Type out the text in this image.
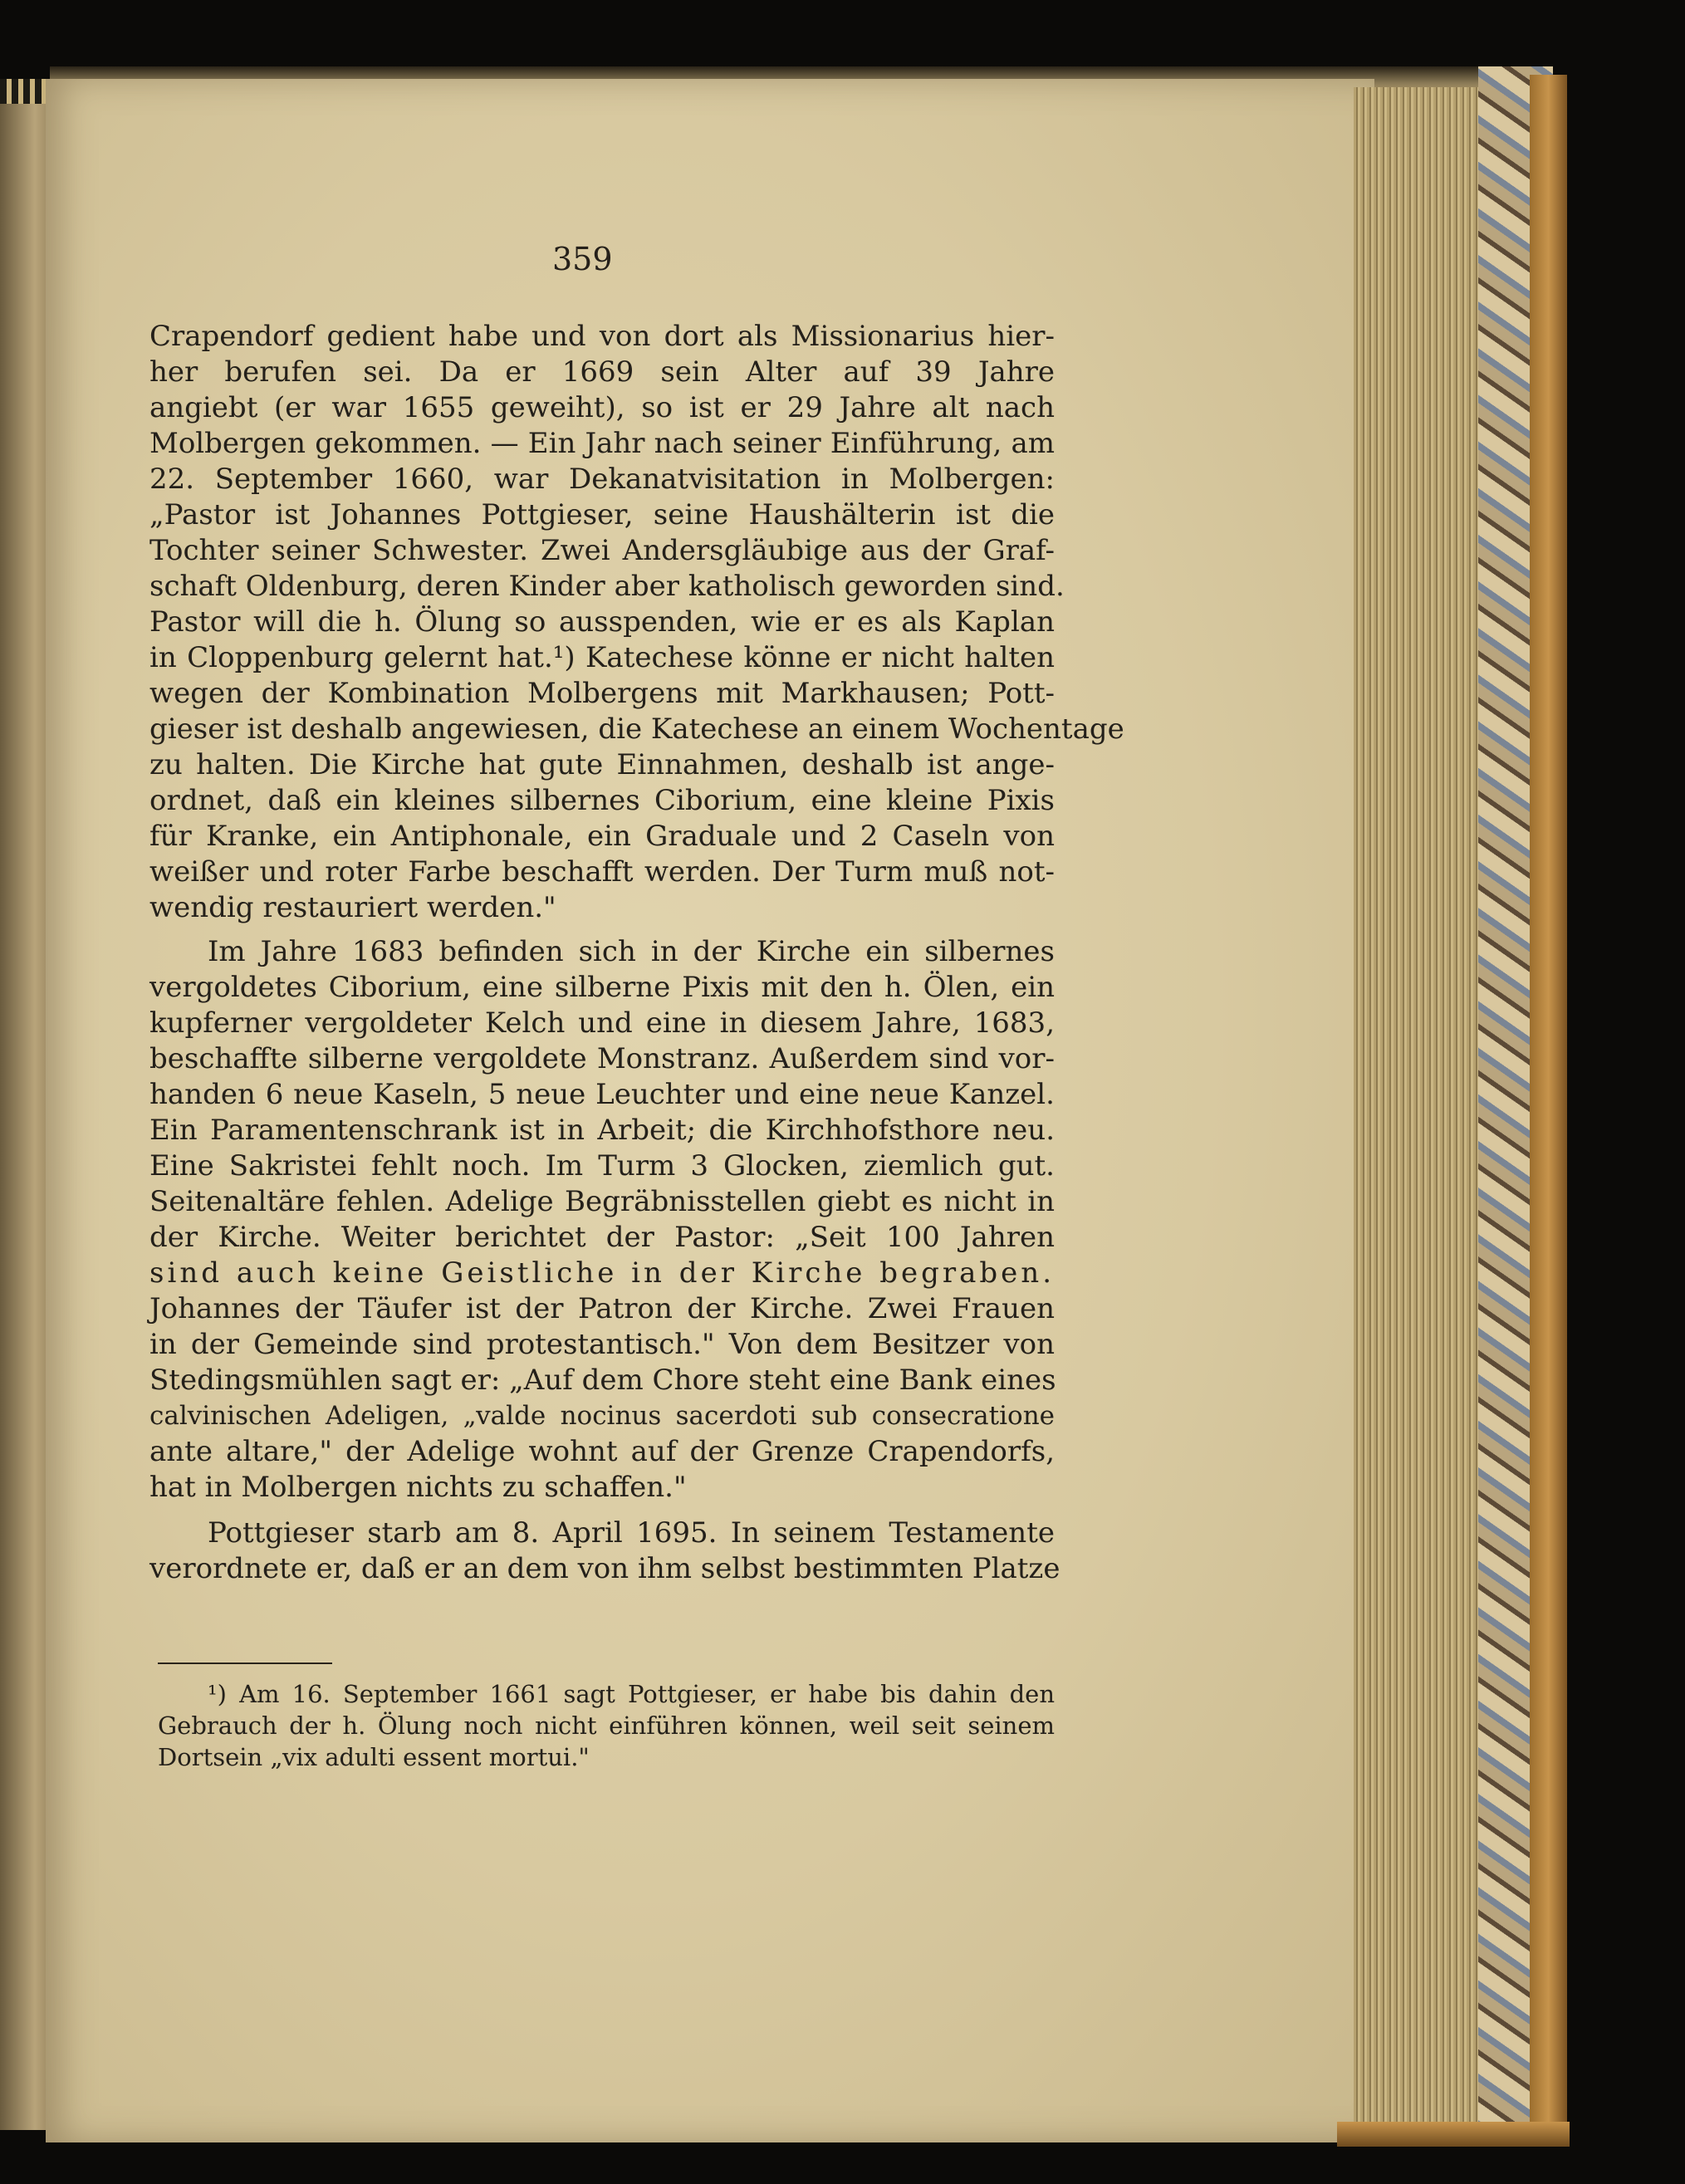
359
Crapendorf gedient habe und von dort als Missionarius hier-
her berufen sei. Da er 1669 sein Alter auf 39 Jahre
angiebt (er war 1655 geweiht), so ist er 29 Jahre alt nach
Molbergen gekommen. — Ein Jahr nach seiner Einführung, am
22. September 1660, war Dekanatvisitation in Molbergen:
„Pastor ist Johannes Pottgieser, seine Haushälterin ist die
Tochter seiner Schwester. Zwei Andersgläubige aus der Graf-
schaft Oldenburg, deren Kinder aber katholisch geworden sind.
Pastor will die h. Ölung so ausspenden, wie er es als Kaplan
in Cloppenburg gelernt hat.¹) Katechese könne er nicht halten
wegen der Kombination Molbergens mit Markhausen; Pott-
gieser ist deshalb angewiesen, die Katechese an einem Wochentage
zu halten. Die Kirche hat gute Einnahmen, deshalb ist ange-
ordnet, daß ein kleines silbernes Ciborium, eine kleine Pixis
für Kranke, ein Antiphonale, ein Graduale und 2 Caseln von
weißer und roter Farbe beschafft werden. Der Turm muß not-
wendig restauriert werden."
Im Jahre 1683 befinden sich in der Kirche ein silbernes
vergoldetes Ciborium, eine silberne Pixis mit den h. Ölen, ein
kupferner vergoldeter Kelch und eine in diesem Jahre, 1683,
beschaffte silberne vergoldete Monstranz. Außerdem sind vor-
handen 6 neue Kaseln, 5 neue Leuchter und eine neue Kanzel.
Ein Paramentenschrank ist in Arbeit; die Kirchhofsthore neu.
Eine Sakristei fehlt noch. Im Turm 3 Glocken, ziemlich gut.
Seitenaltäre fehlen. Adelige Begräbnisstellen giebt es nicht in
der Kirche. Weiter berichtet der Pastor: „Seit 100 Jahren
sind auch keine Geistliche in der Kirche begraben.
Johannes der Täufer ist der Patron der Kirche. Zwei Frauen
in der Gemeinde sind protestantisch." Von dem Besitzer von
Stedingsmühlen sagt er: „Auf dem Chore steht eine Bank eines
calvinischen Adeligen, „valde nocinus sacerdoti sub consecratione
ante altare," der Adelige wohnt auf der Grenze Crapendorfs,
hat in Molbergen nichts zu schaffen."
Pottgieser starb am 8. April 1695. In seinem Testamente
verordnete er, daß er an dem von ihm selbst bestimmten Platze
¹) Am 16. September 1661 sagt Pottgieser, er habe bis dahin den
Gebrauch der h. Ölung noch nicht einführen können, weil seit seinem
Dortsein „vix adulti essent mortui."
